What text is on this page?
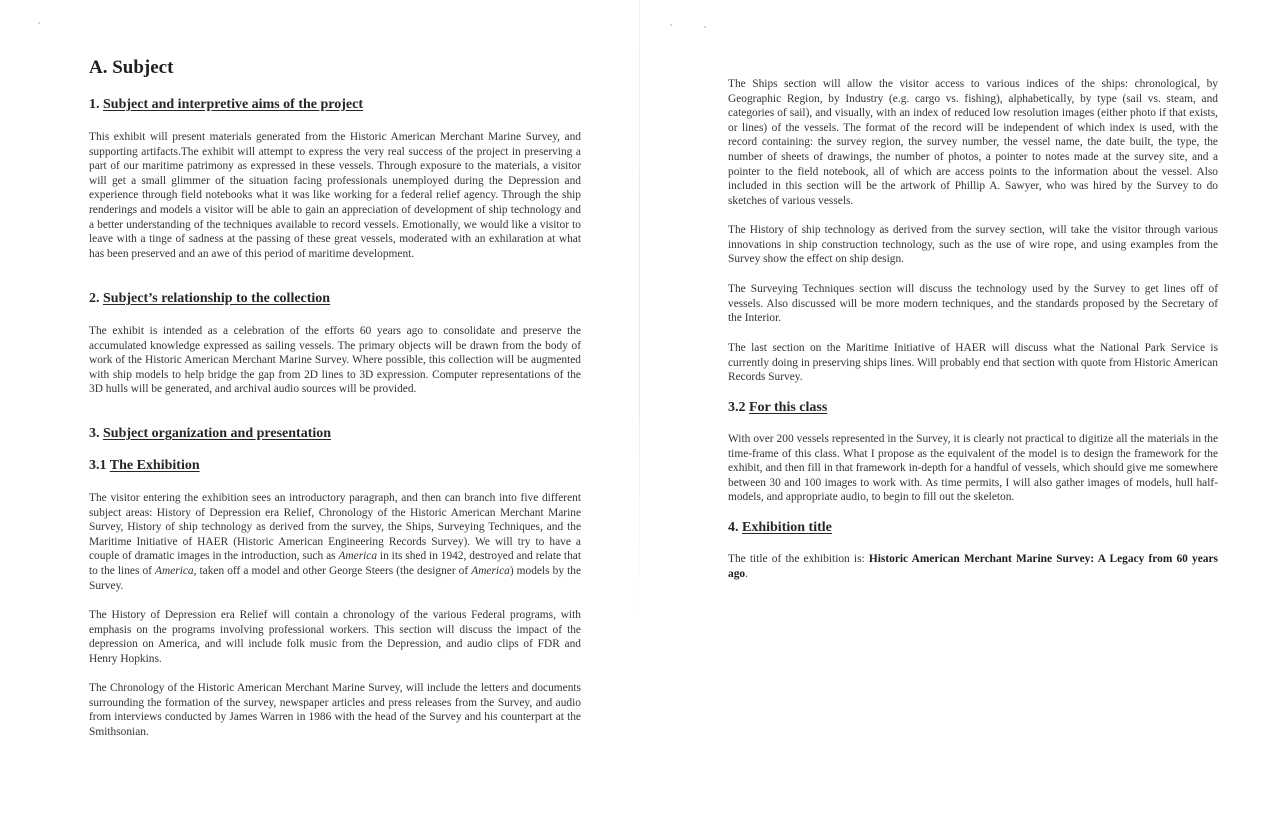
A. Subject
1. Subject and interpretive aims of the project

This exhibit will present materials generated from the Historic American Merchant Marine Survey, and supporting artifacts.The exhibit will attempt to express the very real success of the project in preserving a part of our maritime patrimony as expressed in these vessels. Through exposure to the materials, a visitor will get a small glimmer of the situation facing professionals unemployed during the Depression and experience through field notebooks what it was like working for a federal relief agency. Through the ship renderings and models a visitor will be able to gain an appreciation of development of ship technology and a better understanding of the techniques available to record vessels. Emotionally, we would like a visitor to leave with a tinge of sadness at the passing of these great vessels, moderated with an exhilaration at what has been preserved and an awe of this period of maritime development.

2. Subject’s relationship to the collection

The exhibit is intended as a celebration of the efforts 60 years ago to consolidate and preserve the accumulated knowledge expressed as sailing vessels. The primary objects will be drawn from the body of work of the Historic American Merchant Marine Survey. Where possible, this collection will be augmented with ship models to help bridge the gap from 2D lines to 3D expression. Computer representations of the 3D hulls will be generated, and archival audio sources will be provided.

3. Subject organization and presentation
3.1 The Exhibition

The visitor entering the exhibition sees an introductory paragraph, and then can branch into five different subject areas: History of Depression era Relief, Chronology of the Historic American Merchant Marine Survey, History of ship technology as derived from the survey, the Ships, Surveying Techniques, and the Maritime Initiative of HAER (Historic American Engineering Records Survey). We will try to have a couple of dramatic images in the introduction, such as America in its shed in 1942, destroyed and relate that to the lines of America, taken off a model and other George Steers (the designer of America) models by the Survey.

The History of Depression era Relief will contain a chronology of the various Federal programs, with emphasis on the programs involving professional workers. This section will discuss the impact of the depression on America, and will include folk music from the Depression, and audio clips of FDR and Henry Hopkins.

The Chronology of the Historic American Merchant Marine Survey, will include the letters and documents surrounding the formation of the survey, newspaper articles and press releases from the Survey, and audio from interviews conducted by James Warren in 1986 with the head of the Survey and his counterpart at the Smithsonian.

The Ships section will allow the visitor access to various indices of the ships: chronological, by Geographic Region, by Industry (e.g. cargo vs. fishing), alphabetically, by type (sail vs. steam, and categories of sail), and visually, with an index of reduced low resolution images (either photo if that exists, or lines) of the vessels. The format of the record will be independent of which index is used, with the record containing: the survey region, the survey number, the vessel name, the date built, the type, the number of sheets of drawings, the number of photos, a pointer to notes made at the survey site, and a pointer to the field notebook, all of which are access points to the information about the vessel. Also included in this section will be the artwork of Phillip A. Sawyer, who was hired by the Survey to do sketches of various vessels.

The History of ship technology as derived from the survey section, will take the visitor through various innovations in ship construction technology, such as the use of wire rope, and using examples from the Survey show the effect on ship design.

The Surveying Techniques section will discuss the technology used by the Survey to get lines off of vessels. Also discussed will be more modern techniques, and the standards proposed by the Secretary of the Interior.

The last section on the Maritime Initiative of HAER will discuss what the National Park Service is currently doing in preserving ships lines. Will probably end that section with quote from Historic American Records Survey.

3.2 For this class

With over 200 vessels represented in the Survey, it is clearly not practical to digitize all the materials in the time-frame of this class. What I propose as the equivalent of the model is to design the framework for the exhibit, and then fill in that framework in-depth for a handful of vessels, which should give me somewhere between 30 and 100 images to work with. As time permits, I will also gather images of models, hull half-models, and appropriate audio, to begin to fill out the skeleton.

4. Exhibition title

The title of the exhibition is: Historic American Merchant Marine Survey: A Legacy from 60 years ago.
